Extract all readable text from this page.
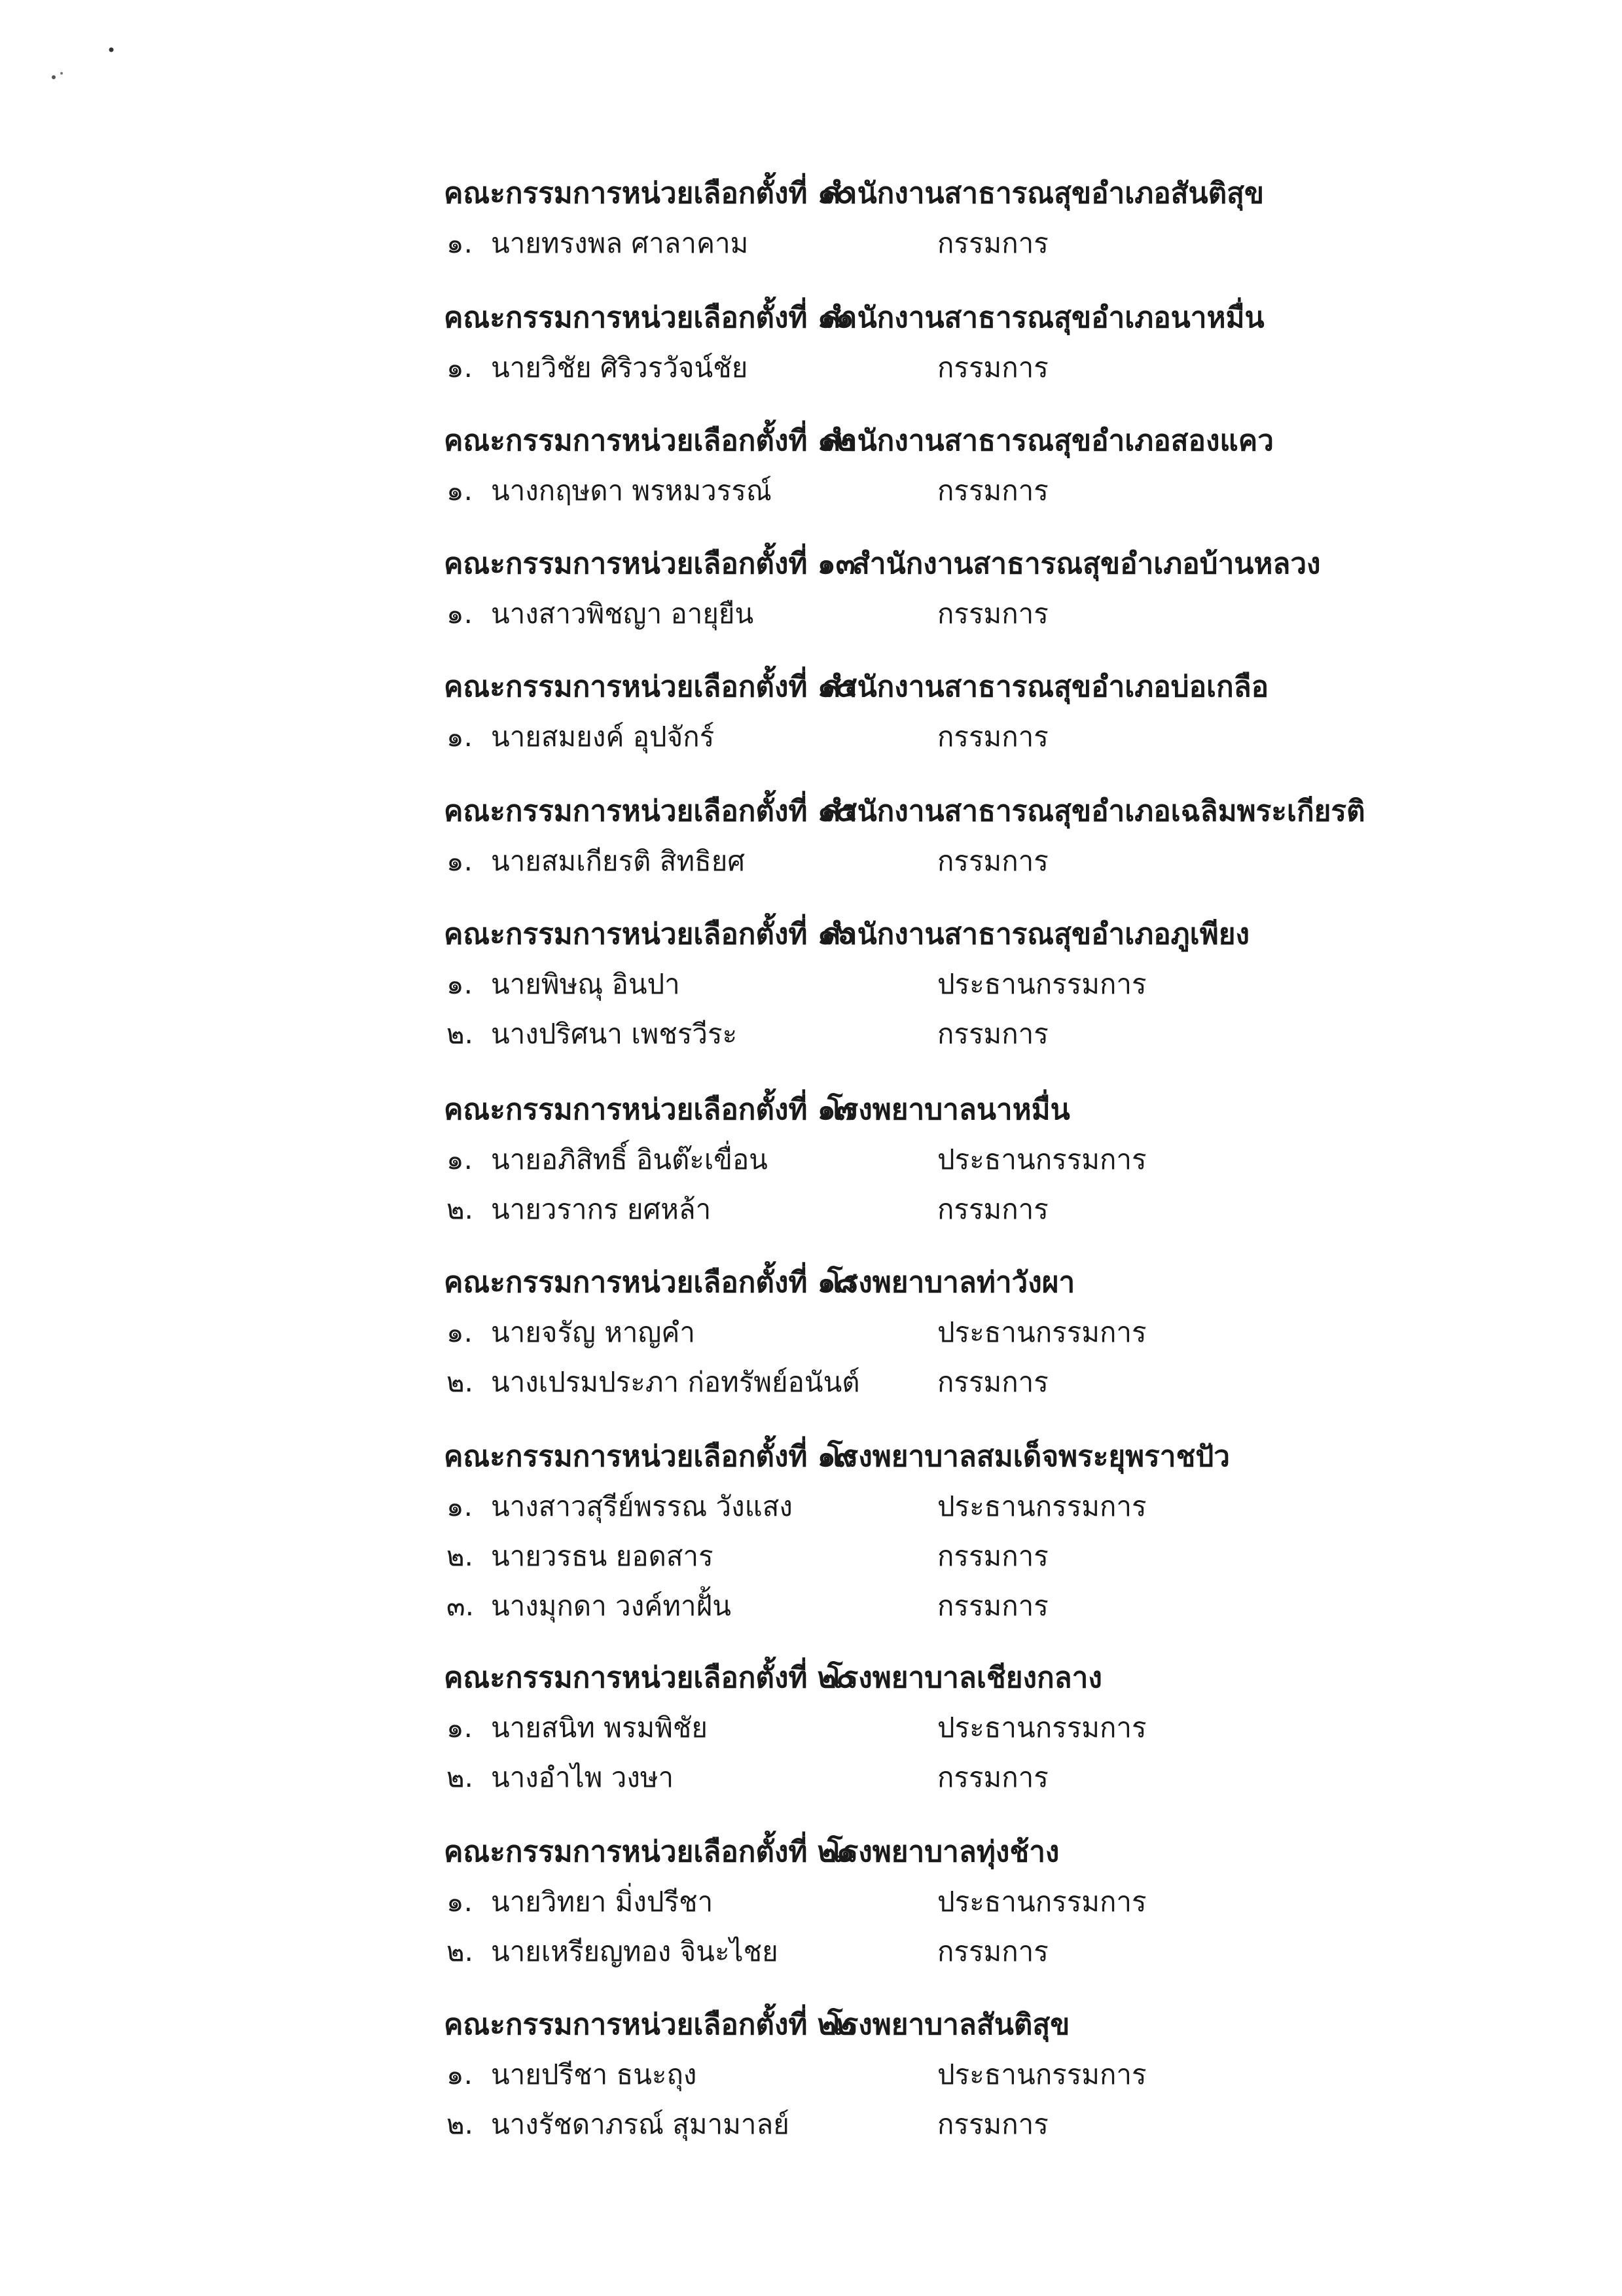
คณะกรรมการหน่วยเลือกตั้งที่ ๑๐
สำนักงานสาธารณสุขอำเภอสันติสุข
๑. นายทรงพล ศาลาคาม	กรรมการ
คณะกรรมการหน่วยเลือกตั้งที่ ๑๑
สำนักงานสาธารณสุขอำเภอนาหมื่น
๑. นายวิชัย ศิริวรวัจน์ชัย	กรรมการ
คณะกรรมการหน่วยเลือกตั้งที่ ๑๒
สำนักงานสาธารณสุขอำเภอสองแคว
๑. นางกฤษดา พรหมวรรณ์	กรรมการ
คณะกรรมการหน่วยเลือกตั้งที่ ๑๓
สำนักงานสาธารณสุขอำเภอบ้านหลวง
๑. นางสาวพิชญา อายุยืน	กรรมการ
คณะกรรมการหน่วยเลือกตั้งที่ ๑๔
สำนักงานสาธารณสุขอำเภอบ่อเกลือ
๑. นายสมยงค์ อุปจักร์	กรรมการ
คณะกรรมการหน่วยเลือกตั้งที่ ๑๕
สำนักงานสาธารณสุขอำเภอเฉลิมพระเกียรติ
๑. นายสมเกียรติ สิทธิยศ	กรรมการ
คณะกรรมการหน่วยเลือกตั้งที่ ๑๖
สำนักงานสาธารณสุขอำเภอภูเพียง
๑. นายพิษณุ อินปา	ประธานกรรมการ
๒. นางปริศนา เพชรวีระ	กรรมการ
คณะกรรมการหน่วยเลือกตั้งที่ ๑๗
โรงพยาบาลนาหมื่น
๑. นายอภิสิทธิ์ อินต๊ะเขื่อน	ประธานกรรมการ
๒. นายวรากร ยศหล้า	กรรมการ
คณะกรรมการหน่วยเลือกตั้งที่ ๑๘
โรงพยาบาลท่าวังผา
๑. นายจรัญ หาญคำ	ประธานกรรมการ
๒. นางเปรมประภา ก่อทรัพย์อนันต์	กรรมการ
คณะกรรมการหน่วยเลือกตั้งที่ ๑๙
โรงพยาบาลสมเด็จพระยุพราชปัว
๑. นางสาวสุรีย์พรรณ วังแสง	ประธานกรรมการ
๒. นายวรธน ยอดสาร	กรรมการ
๓. นางมุกดา วงค์ทาฝั้น	กรรมการ
คณะกรรมการหน่วยเลือกตั้งที่ ๒๐
โรงพยาบาลเชียงกลาง
๑. นายสนิท พรมพิชัย	ประธานกรรมการ
๒. นางอำไพ วงษา	กรรมการ
คณะกรรมการหน่วยเลือกตั้งที่ ๒๑
โรงพยาบาลทุ่งช้าง
๑. นายวิทยา มิ่งปรีชา	ประธานกรรมการ
๒. นายเหรียญทอง จินะไชย	กรรมการ
คณะกรรมการหน่วยเลือกตั้งที่ ๒๒
โรงพยาบาลสันติสุข
๑. นายปรีชา ธนะถุง	ประธานกรรมการ
๒. นางรัชดาภรณ์ สุมามาลย์	กรรมการ
